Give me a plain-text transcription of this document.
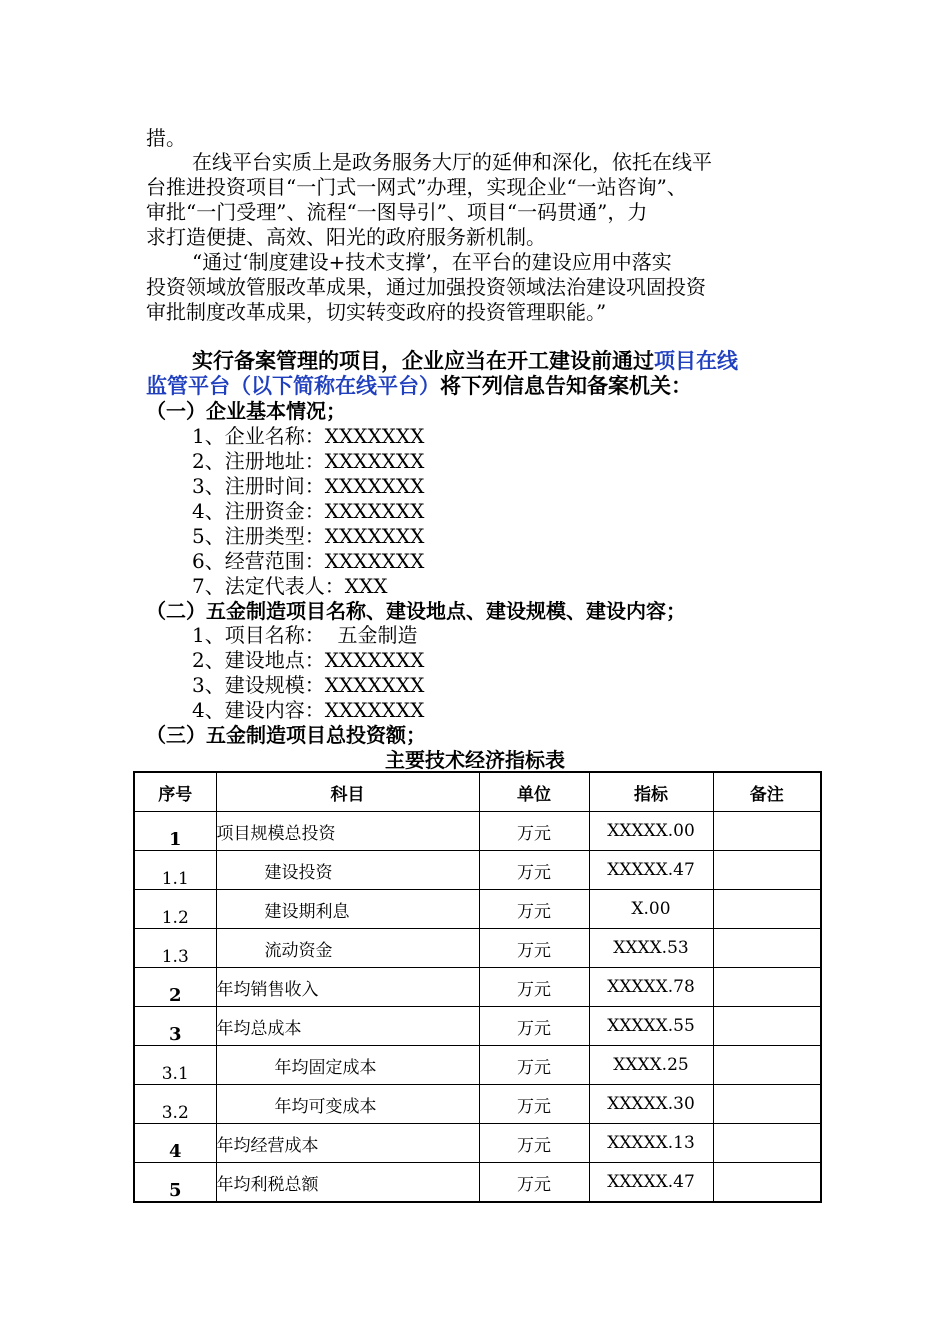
措。
在线平台实质上是政务服务大厅的延伸和深化，依托在线平
台推进投资项目“一门式一网式”办理，实现企业“一站咨询”、
审批“一门受理”、流程“一图导引”、项目“一码贯通”，力
求打造便捷、高效、阳光的政府服务新机制。
“通过‘制度建设+技术支撑’，在平台的建设应用中落实
投资领域放管服改革成果，通过加强投资领域法治建设巩固投资
审批制度改革成果，切实转变政府的投资管理职能。”
实行备案管理的项目，企业应当在开工建设前通过项目在线
监管平台（以下简称在线平台）将下列信息告知备案机关：
（一）企业基本情况；
1、企业名称：XXXXXXX
2、注册地址：XXXXXXX
3、注册时间：XXXXXXX
4、注册资金：XXXXXXX
5、注册类型：XXXXXXX
6、经营范围：XXXXXXX
7、法定代表人：XXX
（二）五金制造项目名称、建设地点、建设规模、建设内容；
1、项目名称：  五金制造
2、建设地点：XXXXXXX
3、建设规模：XXXXXXX
4、建设内容：XXXXXXX
（三）五金制造项目总投资额；
主要技术经济指标表
序号	科目	单位	指标	备注
1	项目规模总投资	万元	XXXXX.00	
1.1	建设投资	万元	XXXXX.47	
1.2	建设期利息	万元	X.00	
1.3	流动资金	万元	XXXX.53	
2	年均销售收入	万元	XXXXX.78	
3	年均总成本	万元	XXXXX.55	
3.1	年均固定成本	万元	XXXX.25	
3.2	年均可变成本	万元	XXXXX.30	
4	年均经营成本	万元	XXXXX.13	
5	年均利税总额	万元	XXXXX.47	
